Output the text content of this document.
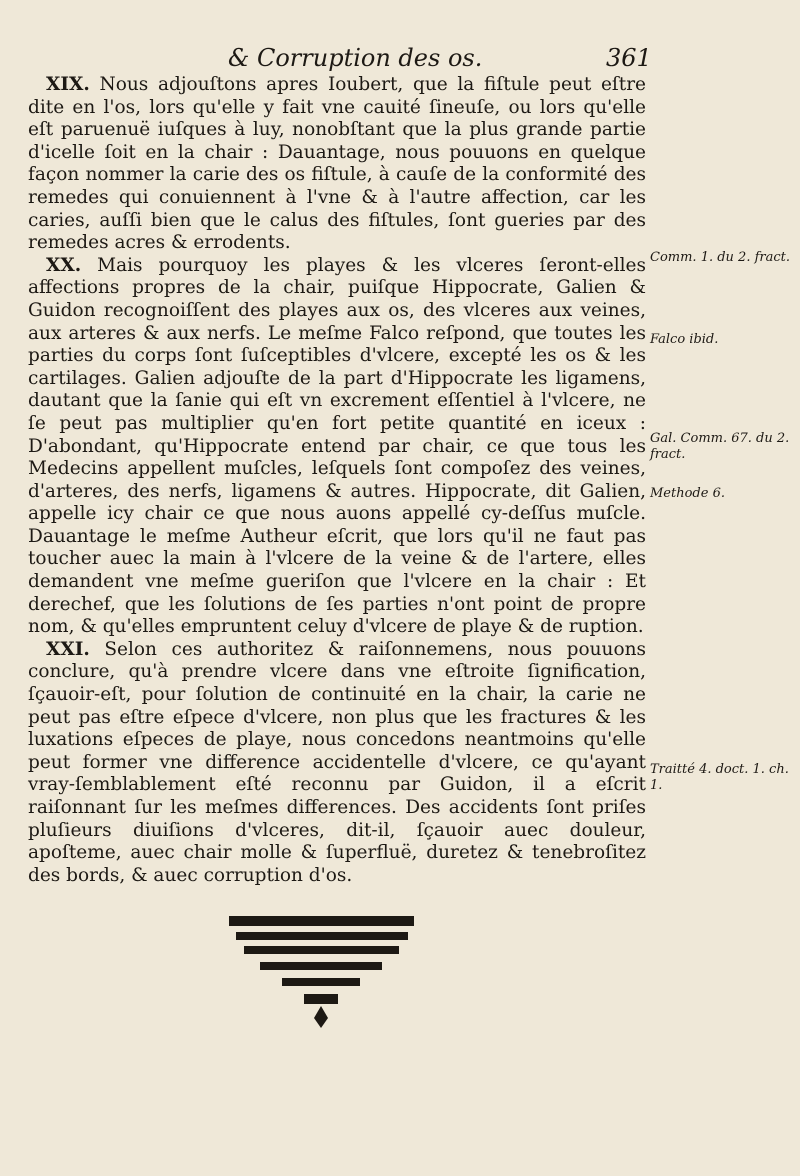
& Corruption des os.	361

XIX. Nous adjouſtons apres Ioubert, que la fiſtule peut eſtre dite en l'os, lors qu'elle y fait vne cauité ſineuſe, ou lors qu'elle eſt paruenuë iuſques à luy, nonobſtant que la plus grande partie d'icelle ſoit en la chair : Dauantage, nous pouuons en quelque façon nommer la carie des os fiſtule, à cauſe de la conformité des remedes qui conuiennent à l'vne & à l'autre affection, car les caries, auſſi bien que le calus des fiſtules, ſont gueries par des remedes acres & errodents.

XX. Mais pourquoy les playes & les vlceres ſeront-elles affections propres de la chair, puiſque Hippocrate, Galien & Guidon recognoiſſent des playes aux os, des vlceres aux veines, aux arteres & aux nerfs. Le meſme Falco reſpond, que toutes les parties du corps ſont ſuſceptibles d'vlcere, excepté les os & les cartilages. Galien adjouſte de la part d'Hippocrate les ligamens, dautant que la ſanie qui eſt vn excrement eſſentiel à l'vlcere, ne ſe peut pas multiplier qu'en fort petite quantité en iceux : D'abondant, qu'Hippocrate entend par chair, ce que tous les Medecins appellent muſcles, leſquels ſont compoſez des veines, d'arteres, des nerfs, ligamens & autres. Hippocrate, dit Galien, appelle icy chair ce que nous auons appellé cy-deſſus muſcle. Dauantage le meſme Autheur eſcrit, que lors qu'il ne faut pas toucher auec la main à l'vlcere de la veine & de l'artere, elles demandent vne meſme gueriſon que l'vlcere en la chair : Et derechef, que les ſolutions de ſes parties n'ont point de propre nom, & qu'elles empruntent celuy d'vlcere de playe & de ruption.

XXI. Selon ces authoritez & raiſonnemens, nous pouuons conclure, qu'à prendre vlcere dans vne eſtroite ſignification, ſçauoir-eſt, pour ſolution de continuité en la chair, la carie ne peut pas eſtre eſpece d'vlcere, non plus que les fractures & les luxations eſpeces de playe, nous concedons neantmoins qu'elle peut former vne difference accidentelle d'vlcere, ce qu'ayant vray-ſemblablement eſté reconnu par Guidon, il a eſcrit raiſonnant ſur les meſmes differences. Des accidents ſont priſes pluſieurs diuiſions d'vlceres, dit-il, ſçauoir auec douleur, apoſteme, auec chair molle & ſuperfluë, duretez & tenebroſitez des bords, & auec corruption d'os.

Comm. 1. du 2. fract.
Falco ibid.
Gal. Comm. 67. du 2. fract.
Methode 6.
Traitté 4. doct. 1. ch. 1.
